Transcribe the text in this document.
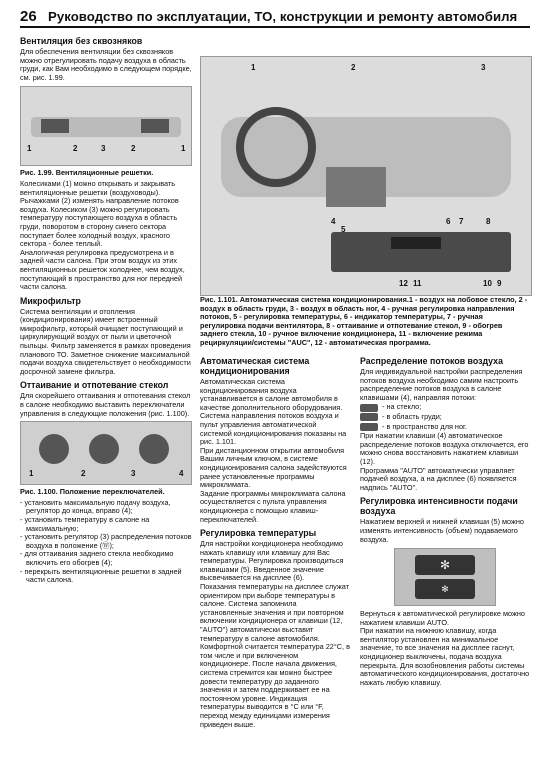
26 Руководство по эксплуатации, ТО, конструкции и ремонту автомобиля
Вентиляция без сквозняков

Для обеспечения вентиляции без сквозняков можно отрегулировать подачу воздуха в область груди, как Вам необходимо в следующем порядке, см. рис. 1.99.

1	2	3	2	1
Рис. 1.99. Вентиляционные решетки.

Колесиками (1) можно открывать и закрывать вентиляционные решетки (воздуховоды). Рычажками (2) изменять направление потоков воздуха. Колесиком (3) можно регулировать температуру поступающего воздуха в область груди, поворотом в сторону синего сектора поступает более холодный воздух, красного сектора - более теплый.

Аналогичная регулировка предусмотрена и в задней части салона. При этом воздух из этих вентиляционных решеток холоднее, чем воздух, поступающий в пространство для ног передней части салона.

Микрофильтр

Система вентиляции и отопления (кондиционирования) имеет встроенный микрофильтр, который очищает поступающий и циркулирующий воздух от пыли и цветочной пыльцы. Фильтр заменяется в рамках проведения планового ТО. Заметное снижение максимальной подачи воздуха свидетельствует о необходимости досрочной замене фильтра.

Оттаивание и отпотевание стекол

Для скорейшего оттаивания и отпотевания стекол в салоне необходимо выставить переключатели управления в следующие положения (рис. 1.100).

1	2	3	4
Рис. 1.100. Положение переключателей.

- установить максимальную подачу воздуха, регулятор до конца, вправо (4);

- установить температуру в салоне на максимальную;

- установить регулятор (3) распределения потоков воздуха в положение (Ⓦ);

- для оттаивания заднего стекла необходимо включить его обогрев (4);

- перекрыть вентиляционные решетки в задней части салона.

1	2	3
4
5
6 7	8
12 11	10 9
Рис. 1.101. Автоматическая система кондиционирования.1 - воздух на лобовое стекло, 2 - воздух в область груди, 3 - воздух в область ног, 4 - ручная регулировка направления потоков, 5 - регулировка температуры, 6 - индикатор температуры, 7 - ручная регулировка подачи вентилятора, 8 - оттаивание и отпотевание стекол, 9 - обогрев заднего стекла, 10 - ручное включение кондиционера, 11 - включение режима рециркуляции/системы "AUC", 12 - автоматическая программа.
Автоматическая система кондиционирования

Автоматическая система кондиционирования воздуха устанавливается в салоне автомобиля в качестве дополнительного оборудования. Система направления потоков воздуха и пульт управления автоматической системой кондиционирования показаны на рис. 1.101.

При дистанционном открытии автомобиля Вашим личным ключом, в системе кондиционирования салона задействуются ранее установленные программы микроклимата.

Задание программы микроклимата салона осуществляется с пульта управления кондиционера с помощью клавиш-переключателей.

Регулировка температуры

Для настройки кондиционера необходимо нажать клавишу или клавишу для Вас температуры. Регулировка производиться клавишами (5). Введенное значение высвечивается на дисплее (6).

Показания температуры на дисплее служат ориентиром при выборе температуры в салоне. Система запомнила установленные значения и при повторном включении кондиционера от клавиши (12, "AUTO") автоматически выставит температуру в салоне автомобиля.

Комфортной считается температура 22°С, в том числе и при включенном кондиционере. После начала движения, система стремится как можно быстрее довести температуру до заданного значения и затем поддерживает ее на постоянном уровне. Индикация температуры выводится в °С или °F, переход между единицами измерения приведен выше.

Распределение потоков воздуха

Для индивидуальной настройки распределения потоков воздуха необходимо самим настроить распределение потоков воздуха в салоне клавишами (4), направляя потоки:

- на стекло;
- в область груди;
- в пространство для ног.

При нажатии клавиши (4) автоматическое распределение потоков воздуха отключается, его можно снова восстановить нажатием клавиши (12).

Программа "AUTO" автоматически управляет подачей воздуха, а на дисплее (6) появляется надпись "AUTO".

Регулировка интенсивности подачи воздуха

Нажатием верхней и нижней клавиши (5) можно изменять интенсивность (объем) подаваемого воздуха.

✻
✻

Вернуться к автоматической регулировке можно нажатием клавиши AUTO.

При нажатии на нижнюю клавишу, когда вентилятор установлен на минимальное значение, то все значения на дисплее гаснут, кондиционер выключены, подача воздуха перекрыта. Для возобновления работы системы автоматического кондиционирования, достаточно нажать любую клавишу.
